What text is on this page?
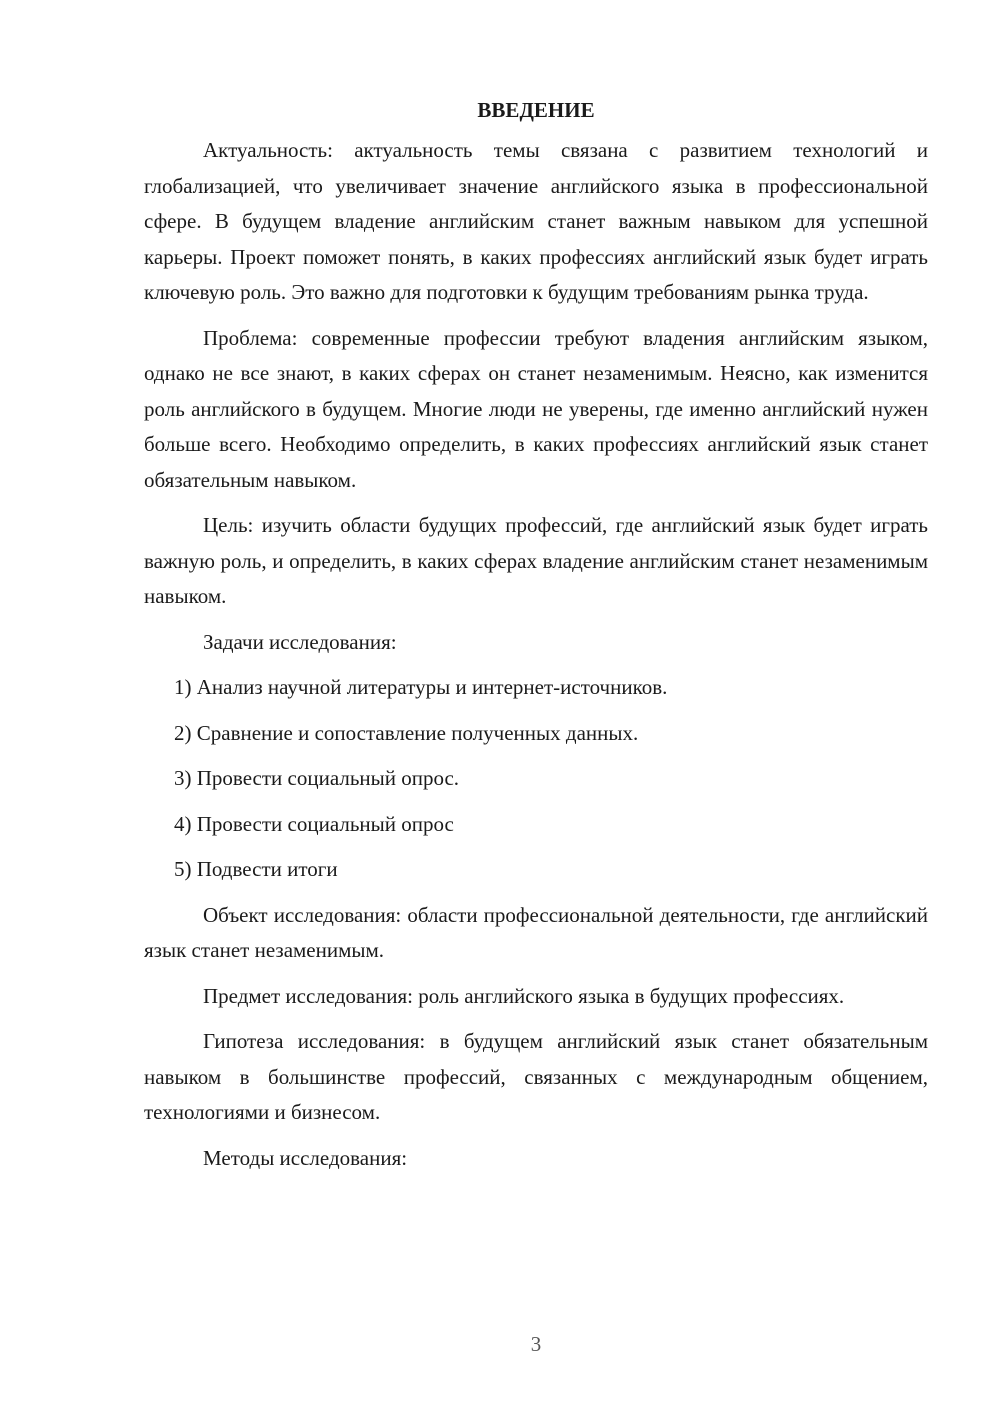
ВВЕДЕНИЕ

Актуальность: актуальность темы связана с развитием технологий и глобализацией, что увеличивает значение английского языка в профессиональной сфере. В будущем владение английским станет важным навыком для успешной карьеры. Проект поможет понять, в каких профессиях английский язык будет играть ключевую роль. Это важно для подготовки к будущим требованиям рынка труда.

Проблема: современные профессии требуют владения английским языком, однако не все знают, в каких сферах он станет незаменимым. Неясно, как изменится роль английского в будущем. Многие люди не уверены, где именно английский нужен больше всего. Необходимо определить, в каких профессиях английский язык станет обязательным навыком.

Цель: изучить области будущих профессий, где английский язык будет играть важную роль, и определить, в каких сферах владение английским станет незаменимым навыком.

Задачи исследования:

1) Анализ научной литературы и интернет-источников.
2) Сравнение и сопоставление полученных данных.
3) Провести социальный опрос.
4) Провести социальный опрос
5) Подвести итоги

Объект исследования: области профессиональной деятельности, где английский язык станет незаменимым.

Предмет исследования: роль английского языка в будущих профессиях.

Гипотеза исследования: в будущем английский язык станет обязательным навыком в большинстве профессий, связанных с международным общением, технологиями и бизнесом.

Методы исследования:

3
